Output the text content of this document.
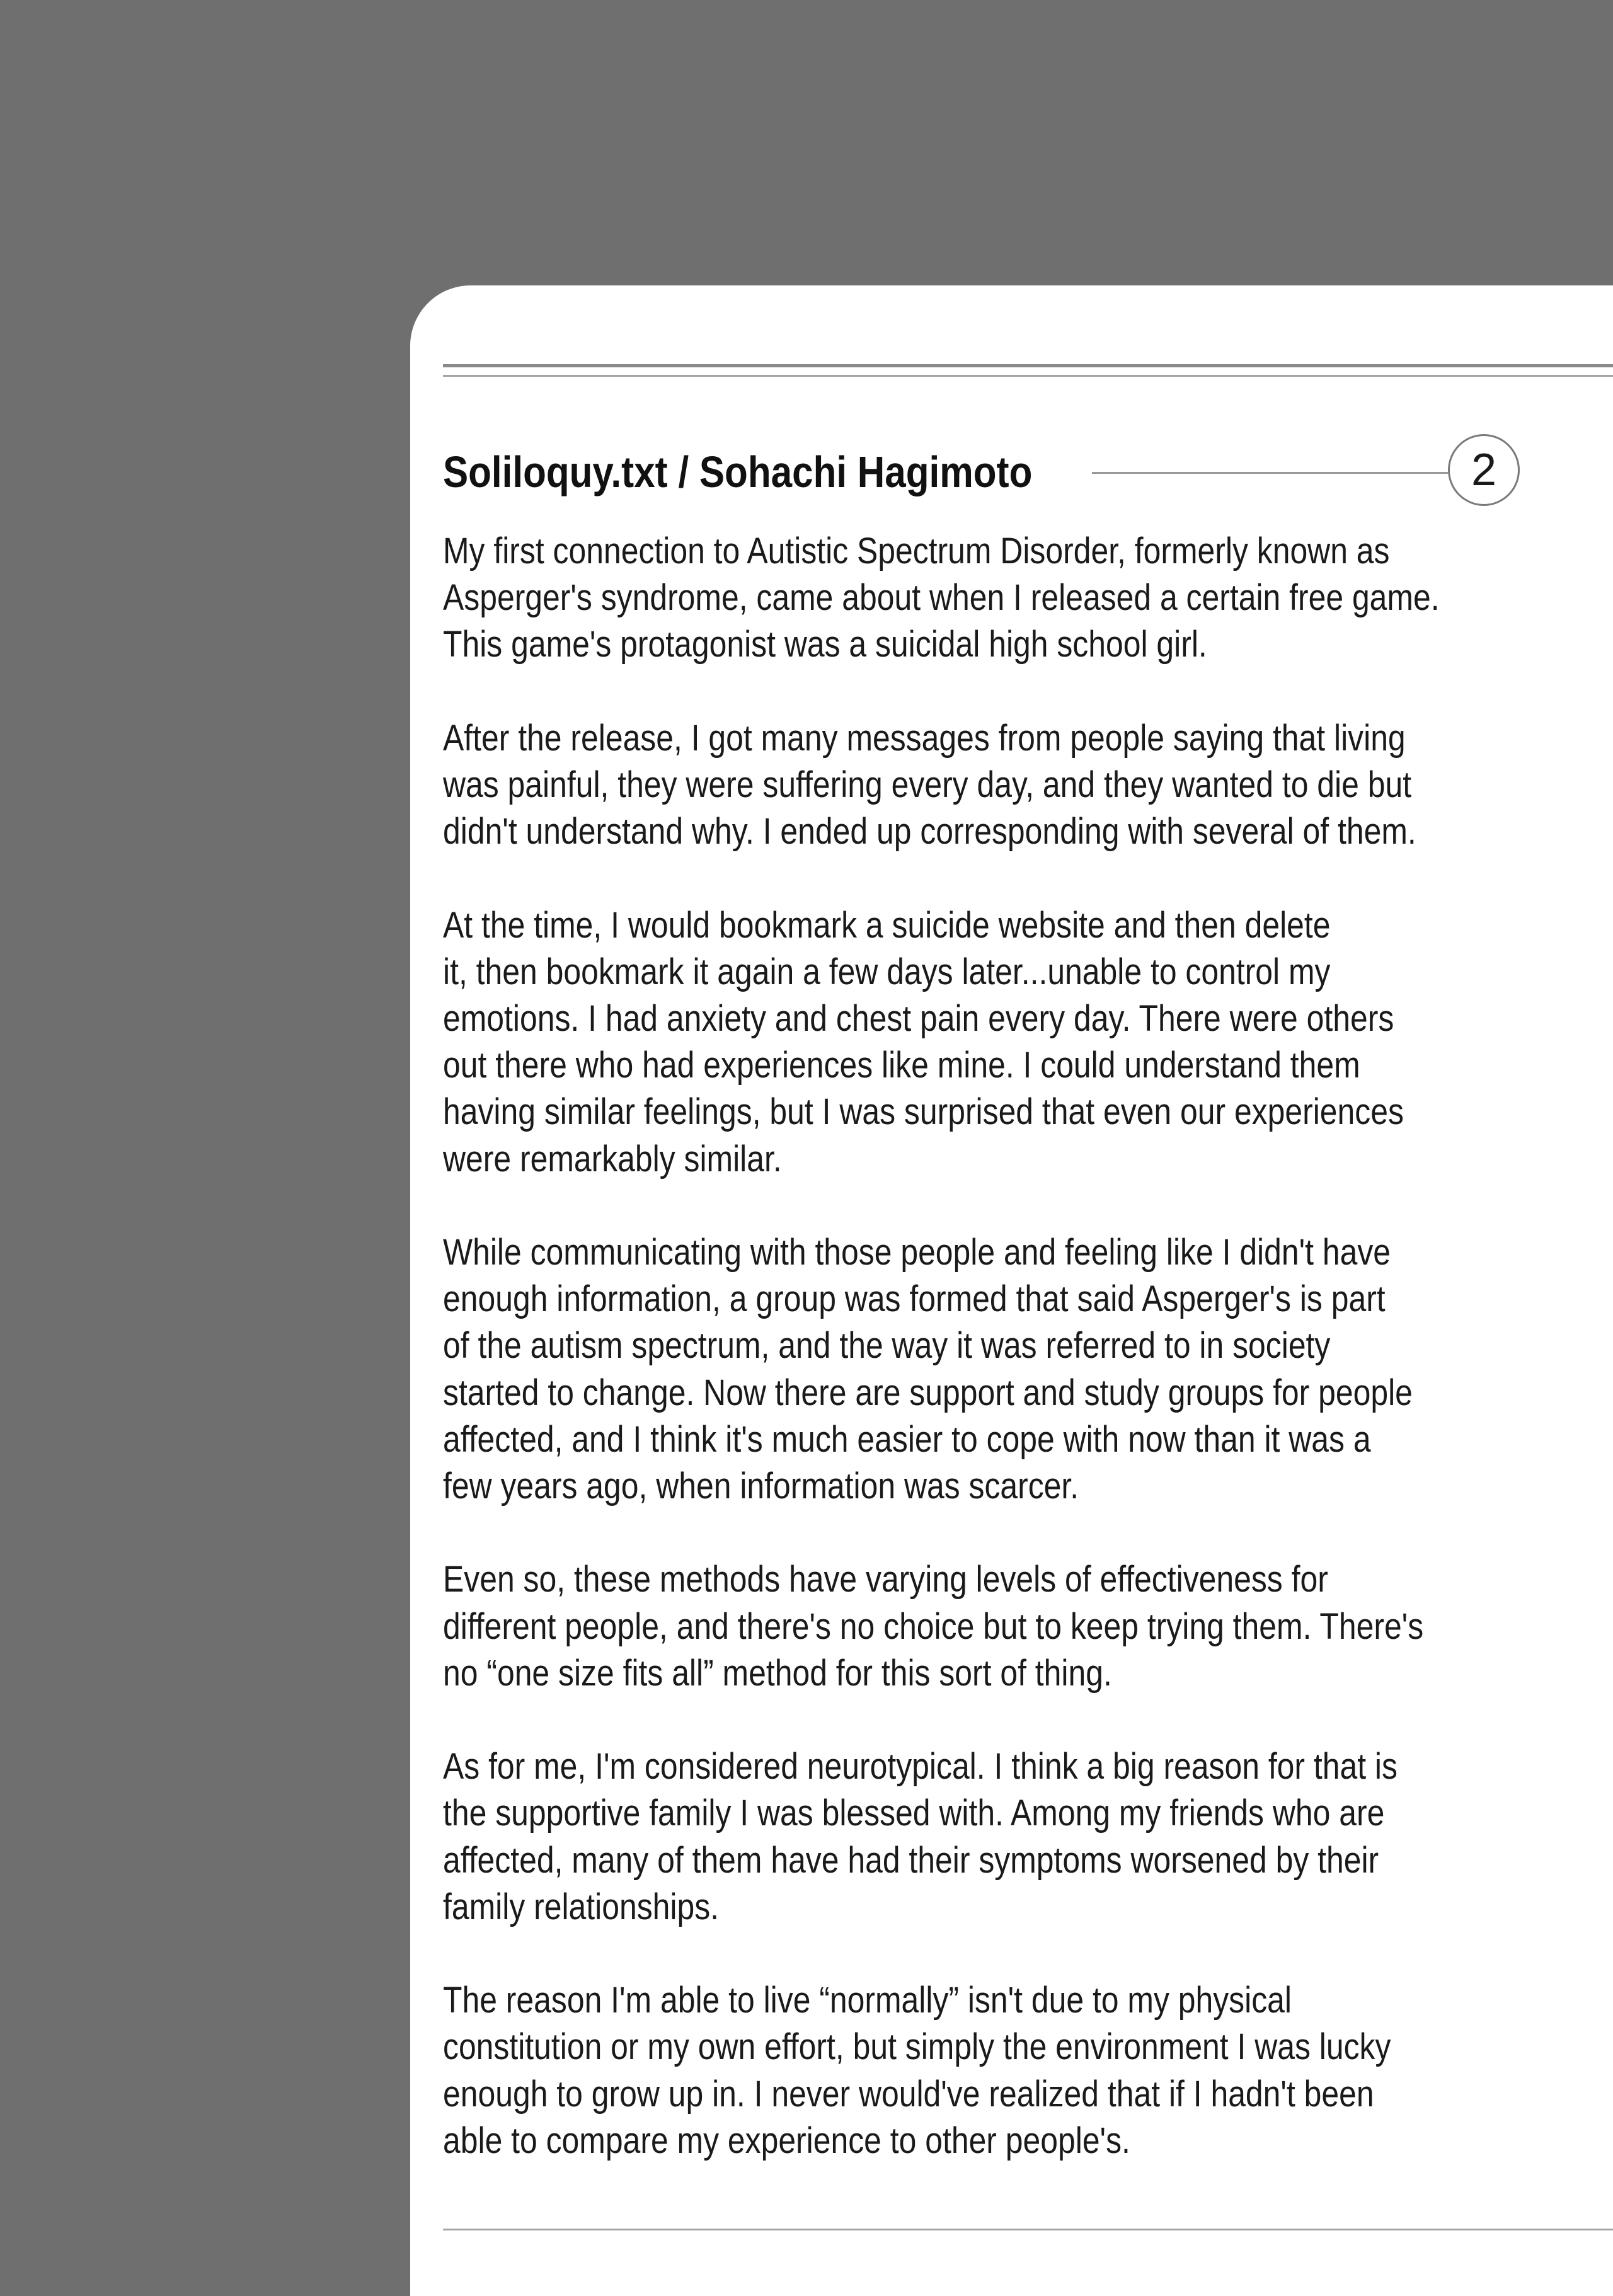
Soliloquy.txt / Sohachi Hagimoto	2

My first connection to Autistic Spectrum Disorder, formerly known as
Asperger's syndrome, came about when I released a certain free game.
This game's protagonist was a suicidal high school girl.

After the release, I got many messages from people saying that living
was painful, they were suffering every day, and they wanted to die but
didn't understand why. I ended up corresponding with several of them.

At the time, I would bookmark a suicide website and then delete
it, then bookmark it again a few days later...unable to control my
emotions. I had anxiety and chest pain every day. There were others
out there who had experiences like mine. I could understand them
having similar feelings, but I was surprised that even our experiences
were remarkably similar.

While communicating with those people and feeling like I didn't have
enough information, a group was formed that said Asperger's is part
of the autism spectrum, and the way it was referred to in society
started to change. Now there are support and study groups for people
affected, and I think it's much easier to cope with now than it was a
few years ago, when information was scarcer.

Even so, these methods have varying levels of effectiveness for
different people, and there's no choice but to keep trying them. There's
no “one size fits all” method for this sort of thing.

As for me, I'm considered neurotypical. I think a big reason for that is
the supportive family I was blessed with. Among my friends who are
affected, many of them have had their symptoms worsened by their
family relationships.

The reason I'm able to live “normally” isn't due to my physical
constitution or my own effort, but simply the environment I was lucky
enough to grow up in. I never would've realized that if I hadn't been
able to compare my experience to other people's.
